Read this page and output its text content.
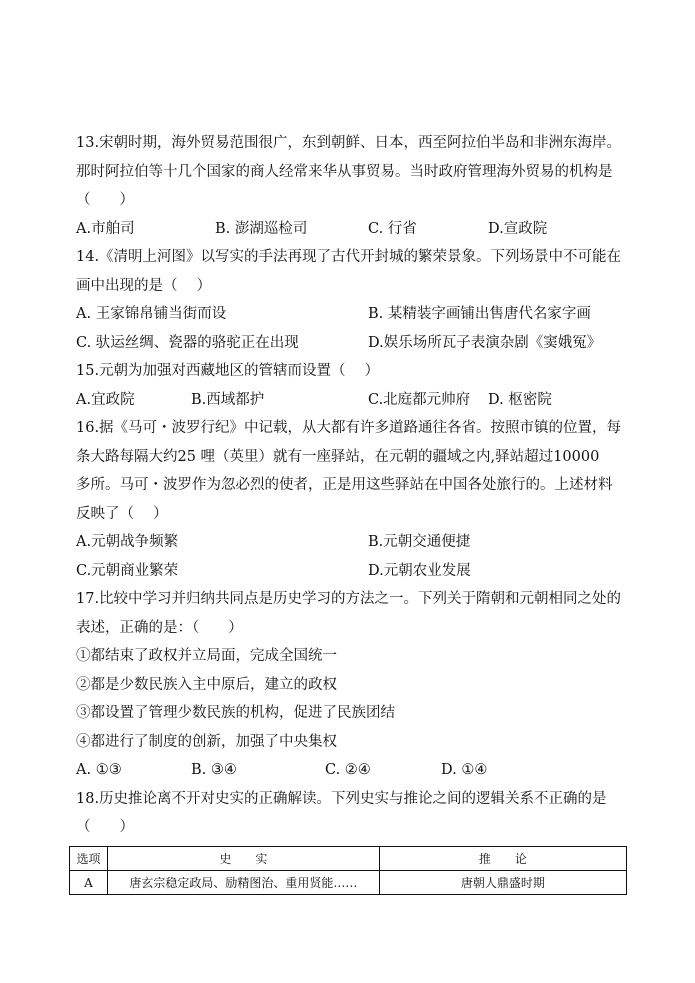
13.宋朝时期，海外贸易范围很广，东到朝鲜、日本，西至阿拉伯半岛和非洲东海岸。
那时阿拉伯等十几个国家的商人经常来华从事贸易。当时政府管理海外贸易的机构是
（　　）
A.市舶司	B. 澎湖巡检司	C. 行省	D.宣政院
14.《清明上河图》以写实的手法再现了古代开封城的繁荣景象。下列场景中不可能在
画中出现的是（　 ）
A. 王家锦帛铺当街而设	B. 某精装字画铺出售唐代名家字画
C. 驮运丝绸、瓷器的骆驼正在出现	D.娱乐场所瓦子表演杂剧《窦娥冤》
15.元朝为加强对西藏地区的管辖而设置（　 ）
A.宜政院	B.西域都护	C.北庭都元帅府 D. 枢密院
16.据《马可・波罗行纪》中记载，从大都有许多道路通往各省。按照市镇的位置，每
条大路每隔大约25 哩（英里）就有一座驿站，在元朝的疆域之内,驿站超过10000
多所。马可・波罗作为忽必烈的使者，正是用这些驿站在中国各处旅行的。上述材料
反映了（　 ）
A.元朝战争频繁	B.元朝交通便捷
C.元朝商业繁荣	D.元朝农业发展
17.比较中学习并归纳共同点是历史学习的方法之一。下列关于隋朝和元朝相同之处的
表述，正确的是：（　　）
①都结束了政权并立局面，完成全国统一
②都是少数民族入主中原后，建立的政权
③都设置了管理少数民族的机构，促进了民族团结
④都进行了制度的创新，加强了中央集权
A. ①③	B. ③④	C. ②④	D. ①④
18.历史推论离不开对史实的正确解读。下列史实与推论之间的逻辑关系不正确的是
（　　）
选项	史　　实	推　　论
A	唐玄宗稳定政局、励精图治、重用贤能……	唐朝人鼎盛时期
